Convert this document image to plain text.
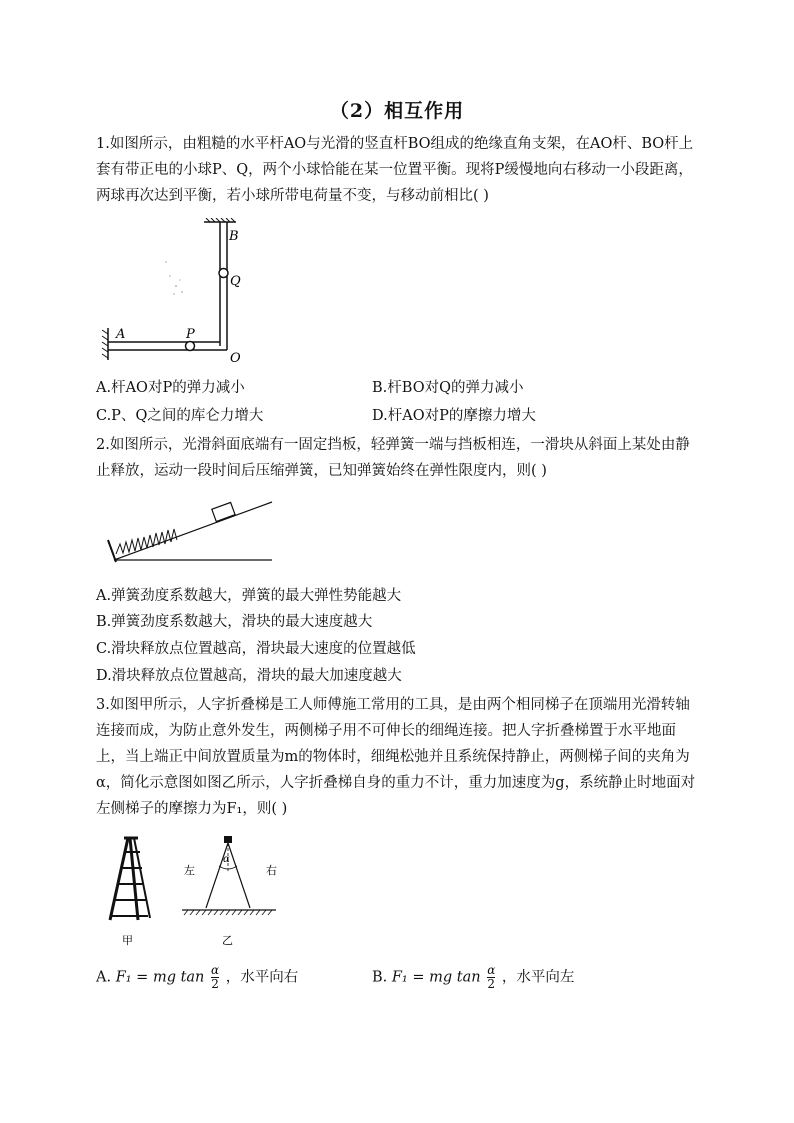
（2）相互作用
1.如图所示，由粗糙的水平杆AO与光滑的竖直杆BO组成的绝缘直角支架，在AO杆、BO杆上套有带正电的小球P、Q，两个小球恰能在某一位置平衡。现将P缓慢地向右移动一小段距离，两球再次达到平衡，若小球所带电荷量不变，与移动前相比( )
B
Q
P
A
O
A.杆AO对P的弹力减小	B.杆BO对Q的弹力减小
C.P、Q之间的库仑力增大	D.杆AO对P的摩擦力增大
2.如图所示，光滑斜面底端有一固定挡板，轻弹簧一端与挡板相连，一滑块从斜面上某处由静止释放，运动一段时间后压缩弹簧，已知弹簧始终在弹性限度内，则( )
A.弹簧劲度系数越大，弹簧的最大弹性势能越大
B.弹簧劲度系数越大，滑块的最大速度越大
C.滑块释放点位置越高，滑块最大速度的位置越低
D.滑块释放点位置越高，滑块的最大加速度越大
3.如图甲所示，人字折叠梯是工人师傅施工常用的工具，是由两个相同梯子在顶端用光滑转轴连接而成，为防止意外发生，两侧梯子用不可伸长的细绳连接。把人字折叠梯置于水平地面上，当上端正中间放置质量为m的物体时，细绳松弛并且系统保持静止，两侧梯子间的夹角为α，简化示意图如图乙所示，人字折叠梯自身的重力不计，重力加速度为g，系统静止时地面对左侧梯子的摩擦力为F₁，则( )
甲
α
左	右
乙
A. F₁ = mg $\tan \frac{\alpha}{2}$ ，水平向右	B. F₁ = mg $\tan \frac{\alpha}{2}$ ，水平向左
